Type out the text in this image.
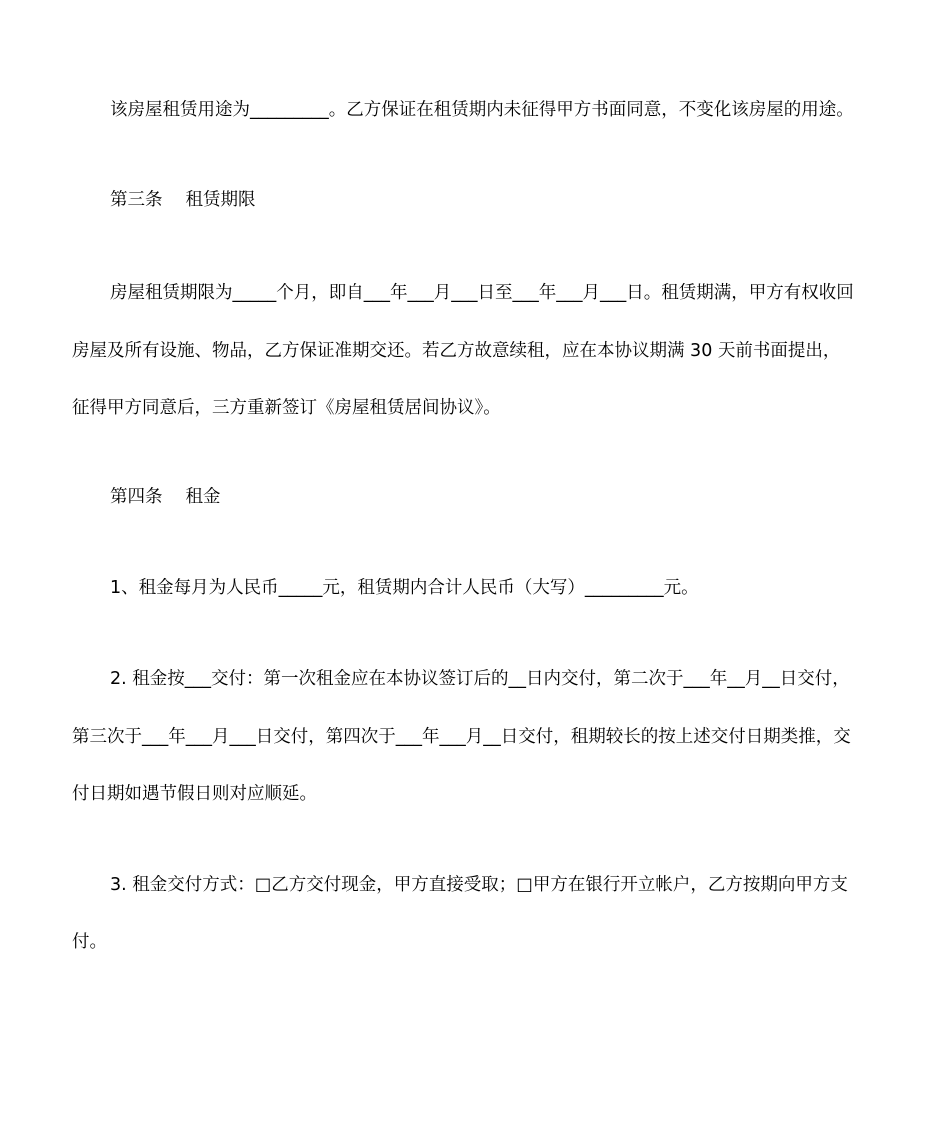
该房屋租赁用途为_________。乙方保证在租赁期内未征得甲方书面同意，不变化该房屋的用途。
第三条　 租赁期限
房屋租赁期限为_____个月，即自___年___月___日至___年___月___日。租赁期满，甲方有权收回
房屋及所有设施、物品，乙方保证准期交还。若乙方故意续租，应在本协议期满 30 天前书面提出，
征得甲方同意后，三方重新签订《房屋租赁居间协议》。
第四条　 租金
1、租金每月为人民币_____元，租赁期内合计人民币（大写）_________元。
2. 租金按___交付：第一次租金应在本协议签订后的__日内交付，第二次于___年__月__日交付，
第三次于___年___月___日交付，第四次于___年___月__日交付，租期较长的按上述交付日期类推，交
付日期如遇节假日则对应顺延。
3. 租金交付方式：□乙方交付现金，甲方直接受取；□甲方在银行开立帐户，乙方按期向甲方支
付。
